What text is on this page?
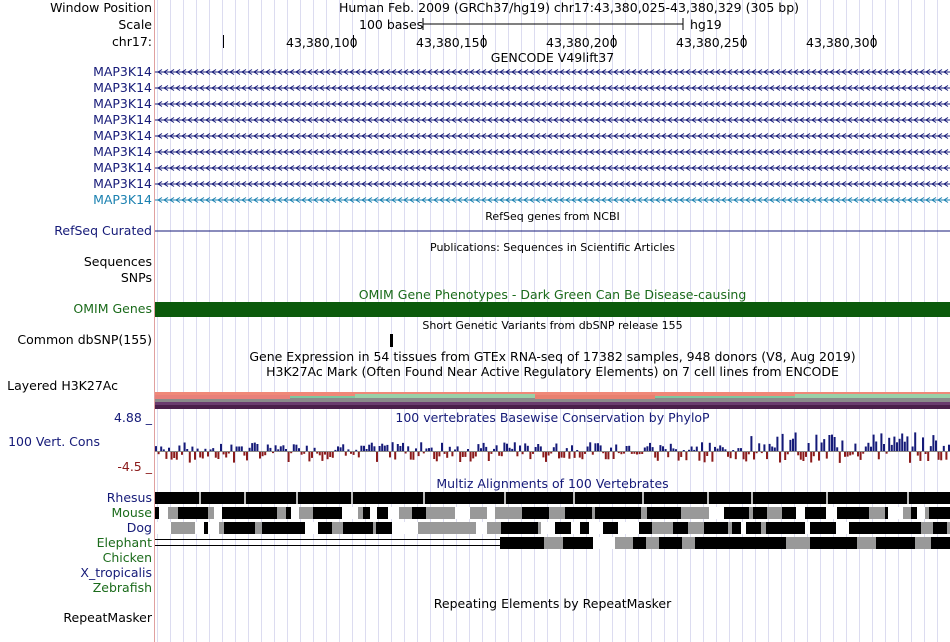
Window Position
Scale
chr17:
MAP3K14
MAP3K14
MAP3K14
MAP3K14
MAP3K14
MAP3K14
MAP3K14
MAP3K14
MAP3K14
RefSeq Curated
Sequences
SNPs
OMIM Genes
Common dbSNP(155)
Layered H3K27Ac
4.88 _
100 Vert. Cons
-4.5 _
Rhesus
Mouse
Dog
Elephant
Chicken
X_tropicalis
Zebrafish
RepeatMasker
Human Feb. 2009 (GRCh37/hg19) chr17:43,380,025-43,380,329 (305 bp)
100 bases	hg19
43,380,100	43,380,150	43,380,200	43,380,250	43,380,300
GENCODE V49lift37
RefSeq genes from NCBI
Publications: Sequences in Scientific Articles
OMIM Gene Phenotypes - Dark Green Can Be Disease-causing
Short Genetic Variants from dbSNP release 155
Gene Expression in 54 tissues from GTEx RNA-seq of 17382 samples, 948 donors (V8, Aug 2019)
H3K27Ac Mark (Often Found Near Active Regulatory Elements) on 7 cell lines from ENCODE
100 vertebrates Basewise Conservation by PhyloP
Multiz Alignments of 100 Vertebrates
Repeating Elements by RepeatMasker
